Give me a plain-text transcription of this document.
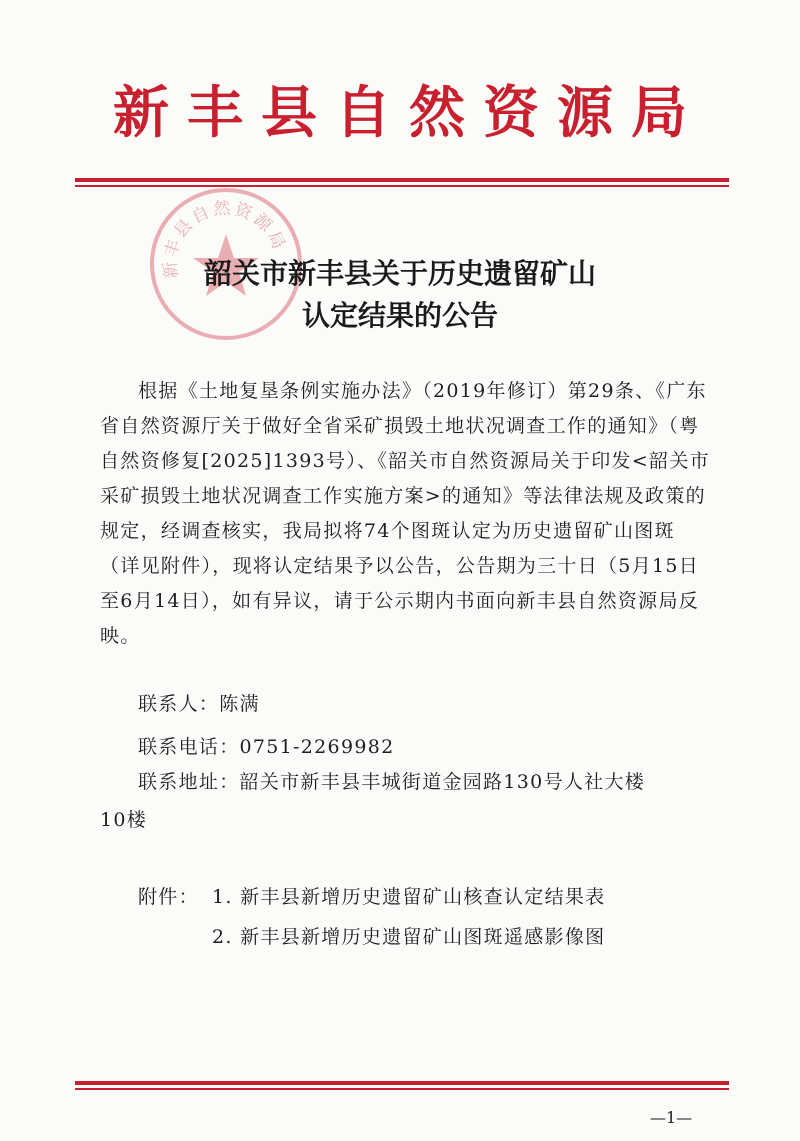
新丰县自然资源局
新丰县自然资源局
韶关市新丰县关于历史遗留矿山
认定结果的公告

根据《土地复垦条例实施办法》（2019年修订）第29条、《广东省自然资源厅关于做好全省采矿损毁土地状况调查工作的通知》（粤自然资修复[2025]1393号）、《韶关市自然资源局关于印发<韶关市采矿损毁土地状况调查工作实施方案>的通知》等法律法规及政策的规定，经调查核实，我局拟将74个图斑认定为历史遗留矿山图斑（详见附件），现将认定结果予以公告，公告期为三十日（5月15日至6月14日），如有异议，请于公示期内书面向新丰县自然资源局反映。

联系人：陈满
联系电话：0751-2269982
联系地址：韶关市新丰县丰城街道金园路130号人社大楼
10楼
附件： 1. 新丰县新增历史遗留矿山核查认定结果表
2. 新丰县新增历史遗留矿山图斑遥感影像图
—1—
